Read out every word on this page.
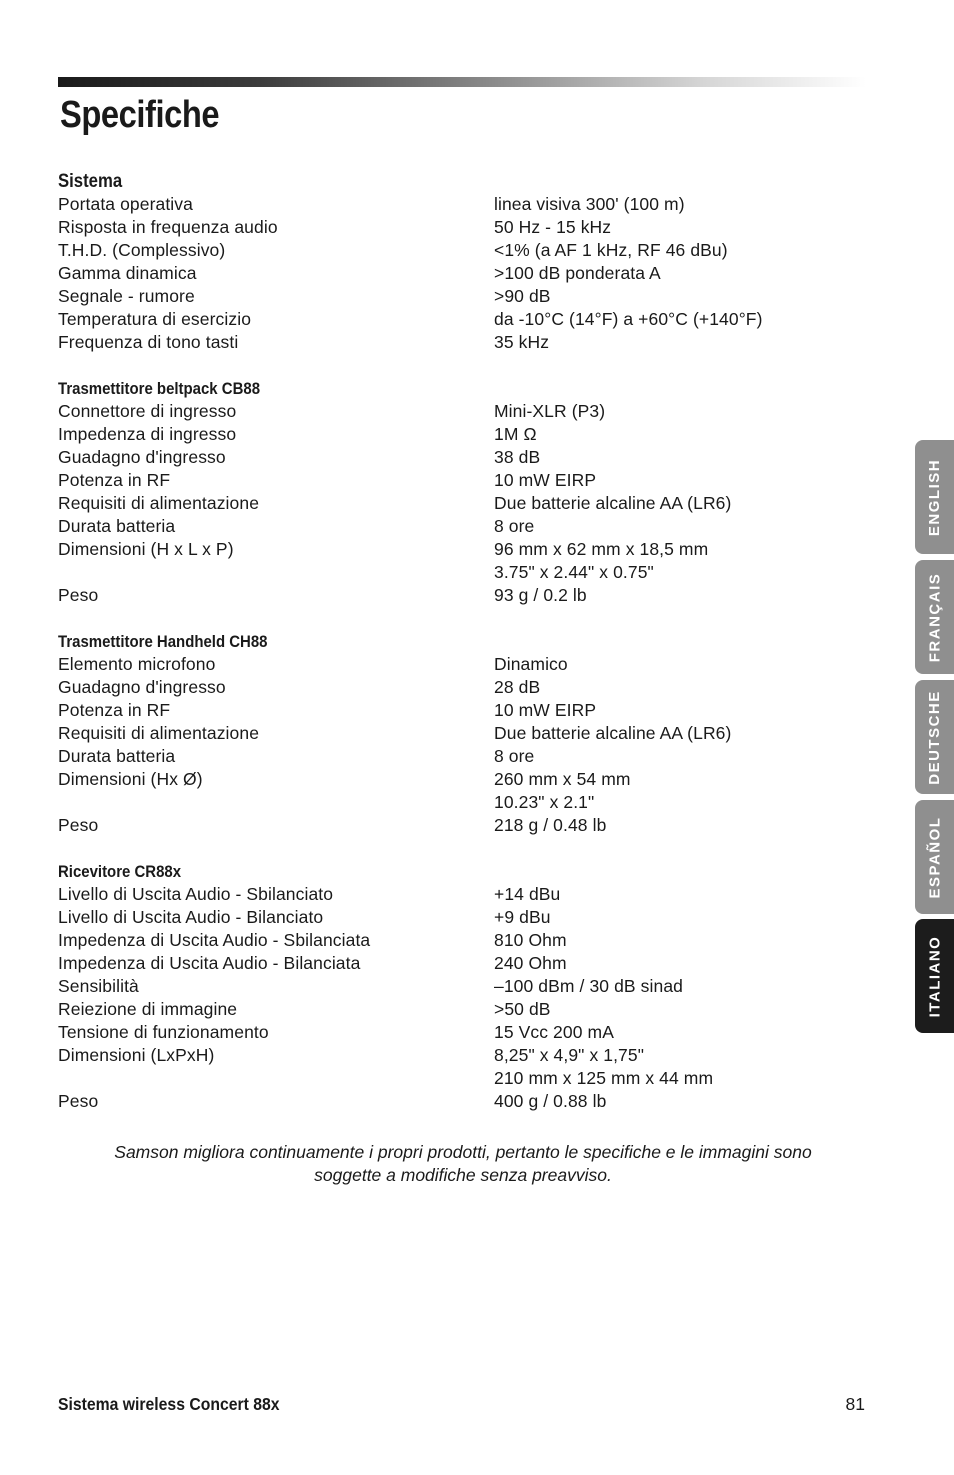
Specifiche
Sistema
Portata operativa	linea visiva 300' (100 m)
Risposta in frequenza audio	50 Hz - 15 kHz
T.H.D. (Complessivo)	<1% (a AF 1 kHz, RF 46 dBu)
Gamma dinamica	>100 dB ponderata A
Segnale - rumore	>90 dB
Temperatura di esercizio	da -10°C (14°F) a +60°C (+140°F)
Frequenza di tono tasti	35 kHz
Trasmettitore beltpack CB88
Connettore di ingresso	Mini-XLR (P3)
Impedenza di ingresso	1M Ω
Guadagno d'ingresso	38 dB
Potenza in RF	10 mW EIRP
Requisiti di alimentazione	Due batterie alcaline AA (LR6)
Durata batteria	8 ore
Dimensioni (H x L x P)	96 mm x 62 mm x 18,5 mm
3.75" x 2.44" x 0.75"
Peso	93 g / 0.2 lb
Trasmettitore Handheld CH88
Elemento microfono	Dinamico
Guadagno d'ingresso	28 dB
Potenza in RF	10 mW EIRP
Requisiti di alimentazione	Due batterie alcaline AA (LR6)
Durata batteria	8 ore
Dimensioni (Hx Ø)	260 mm x 54 mm
10.23" x 2.1"
Peso	218 g / 0.48 lb
Ricevitore CR88x
Livello di Uscita Audio - Sbilanciato	+14 dBu
Livello di Uscita Audio - Bilanciato	+9 dBu
Impedenza di Uscita Audio - Sbilanciata	810 Ohm
Impedenza di Uscita Audio - Bilanciata	240 Ohm
Sensibilità	–100 dBm / 30 dB sinad
Reiezione di immagine	>50 dB
Tensione di funzionamento	15 Vcc 200 mA
Dimensioni (LxPxH)	8,25" x 4,9" x 1,75"
210 mm x 125 mm x 44 mm
Peso	400 g / 0.88 lb
Samson migliora continuamente i propri prodotti, pertanto le specifiche e le immagini sono
soggette a modifiche senza preavviso.
Sistema wireless Concert 88x	81
ENGLISH
FRANÇAIS
DEUTSCHE
ESPAÑOL
ITALIANO
